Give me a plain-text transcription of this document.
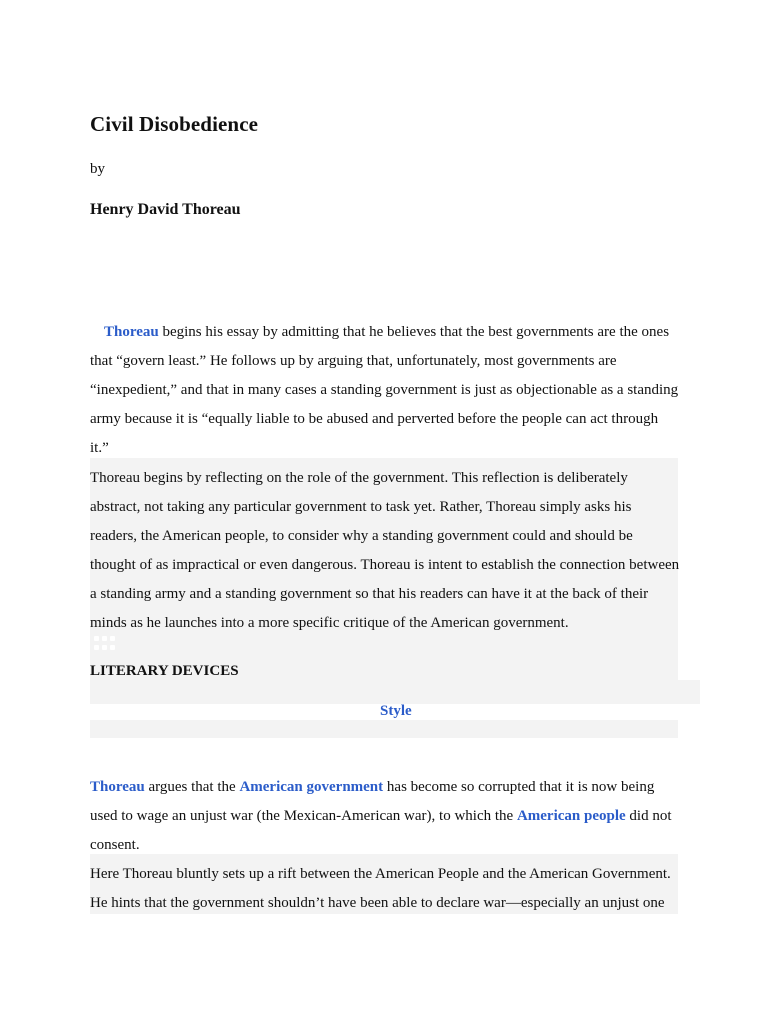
Civil Disobedience
by
Henry David Thoreau
Thoreau begins his essay by admitting that he believes that the best governments are the ones that “govern least.” He follows up by arguing that, unfortunately, most governments are “inexpedient,” and that in many cases a standing government is just as objectionable as a standing army because it is “equally liable to be abused and perverted before the people can act through it.”
Thoreau begins by reflecting on the role of the government. This reflection is deliberately abstract, not taking any particular government to task yet. Rather, Thoreau simply asks his readers, the American people, to consider why a standing government could and should be thought of as impractical or even dangerous. Thoreau is intent to establish the connection between a standing army and a standing government so that his readers can have it at the back of their minds as he launches into a more specific critique of the American government.
LITERARY DEVICES
Style
Thoreau argues that the American government has become so corrupted that it is now being used to wage an unjust war (the Mexican-American war), to which the American people did not consent.
Here Thoreau bluntly sets up a rift between the American People and the American Government. He hints that the government shouldn’t have been able to declare war—especially an unjust one
